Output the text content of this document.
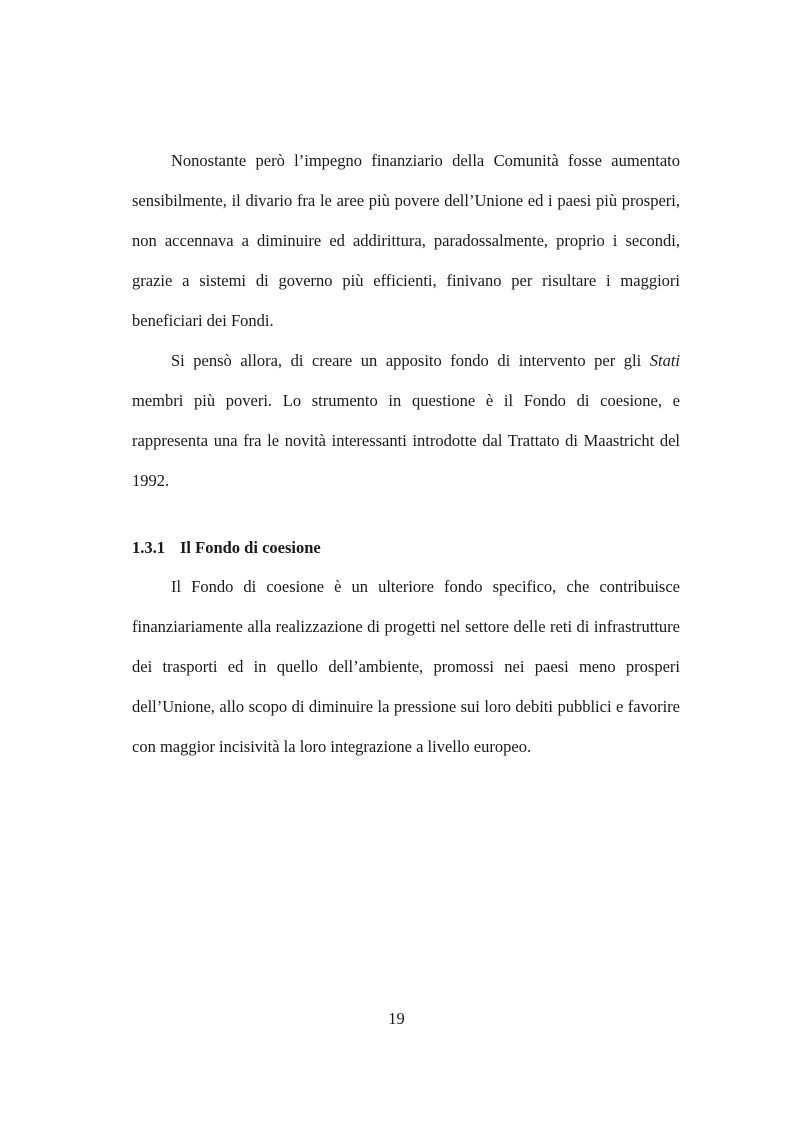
Nonostante però l’impegno finanziario della Comunità fosse aumentato sensibilmente, il divario fra le aree più povere dell’Unione ed i paesi più prosperi, non accennava a diminuire ed addirittura, paradossalmente, proprio i secondi, grazie a sistemi di governo più efficienti, finivano per risultare i maggiori beneficiari dei Fondi.

Si pensò allora, di creare un apposito fondo di intervento per gli Stati membri più poveri. Lo strumento in questione è il Fondo di coesione, e rappresenta una fra le novità interessanti introdotte dal Trattato di Maastricht del 1992.

1.3.1 Il Fondo di coesione

Il Fondo di coesione è un ulteriore fondo specifico, che contribuisce finanziariamente alla realizzazione di progetti nel settore delle reti di infrastrutture dei trasporti ed in quello dell’ambiente, promossi nei paesi meno prosperi dell’Unione, allo scopo di diminuire la pressione sui loro debiti pubblici e favorire con maggior incisività la loro integrazione a livello europeo.

19
